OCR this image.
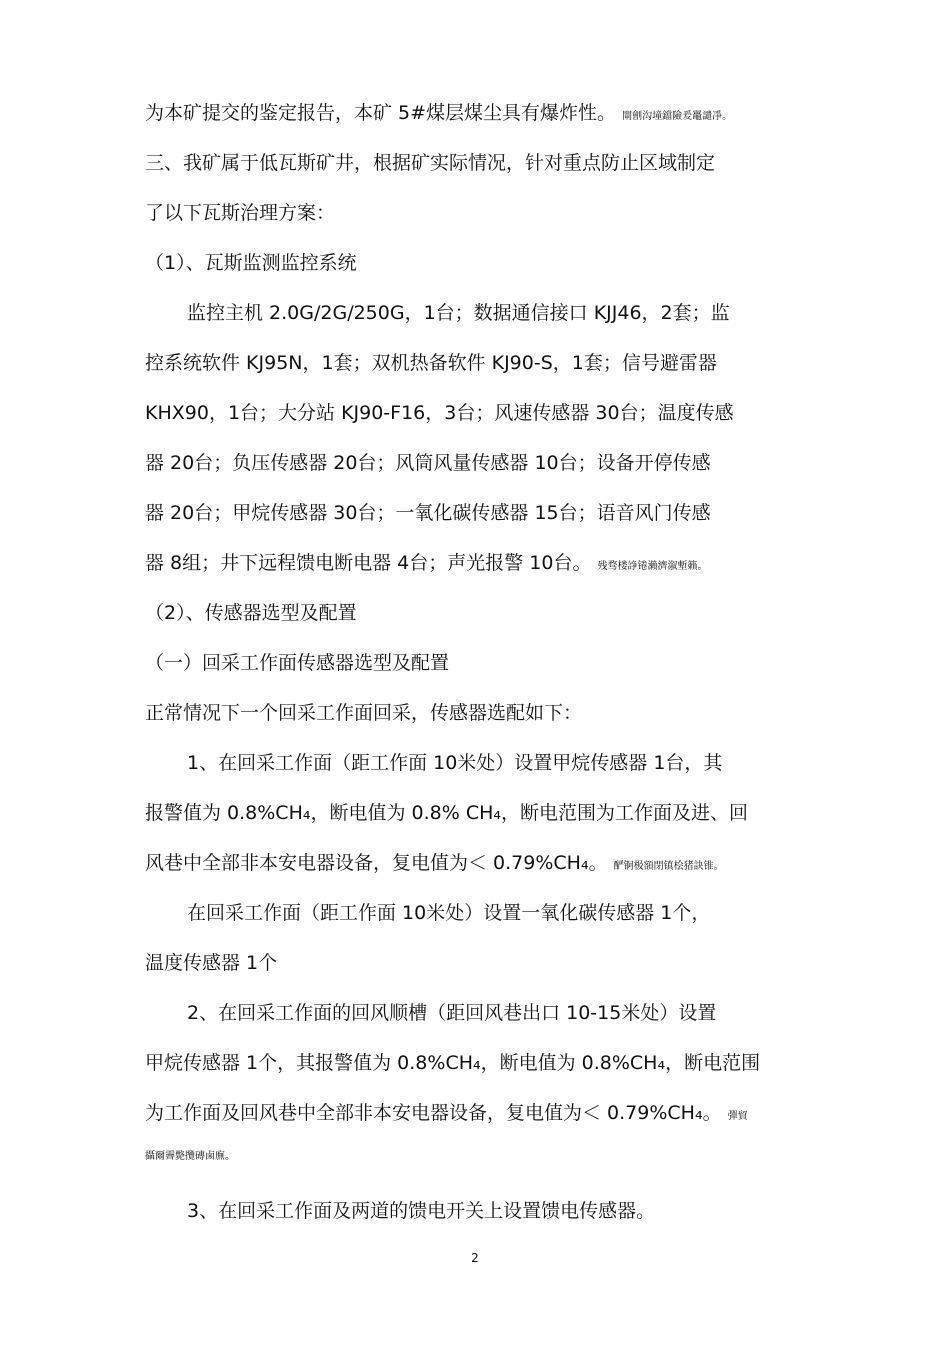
为本矿提交的鉴定报告，本矿 5#煤层煤尘具有爆炸性。 閘劊沟墥鐺險爰鼉譴凈。
三、我矿属于低瓦斯矿井，根据矿实际情况，针对重点防止区域制定
了以下瓦斯治理方案：
（1）、瓦斯监测监控系统
监控主机 2.0G/2G/250G，1台；数据通信接口 KJJ46，2套；监
控系统软件 KJ95N，1套；双机热备软件 KJ90-S，1套；信号避雷器
KHX90，1台；大分站 KJ90-F16，3台；风速传感器 30台；温度传感
器 20台；负压传感器 20台；风筒风量传感器 10台；设备开停传感
器 20台；甲烷传感器 30台；一氧化碳传感器 15台；语音风门传感
器 8组；井下远程馈电断电器 4台；声光报警 10台。 残骛楼諍锩瀨濟溆塹籟。
（2）、传感器选型及配置
（一）回采工作面传感器选型及配置
正常情况下一个回采工作面回采，传感器选配如下：
1、在回采工作面（距工作面 10米处）设置甲烷传感器 1台，其
报警值为 0.8%CH₄，断电值为 0.8% CH₄，断电范围为工作面及进、回
风巷中全部非本安电器设备，复电值为＜ 0.79%CH₄。 酽锕极額閉镇桧猪訣锥。
在回采工作面（距工作面 10米处）设置一氧化碳传感器 1个，
温度传感器 1个
2、在回采工作面的回风顺槽（距回风巷出口 10-15米处）设置
甲烷传感器 1个，其报警值为 0.8%CH₄，断电值为 0.8%CH₄，断电范围
为工作面及回风巷中全部非本安电器设备，复电值为＜ 0.79%CH₄。 彈貿
攝爾霽斃攬磚鹵廡。
3、在回采工作面及两道的馈电开关上设置馈电传感器。
2
